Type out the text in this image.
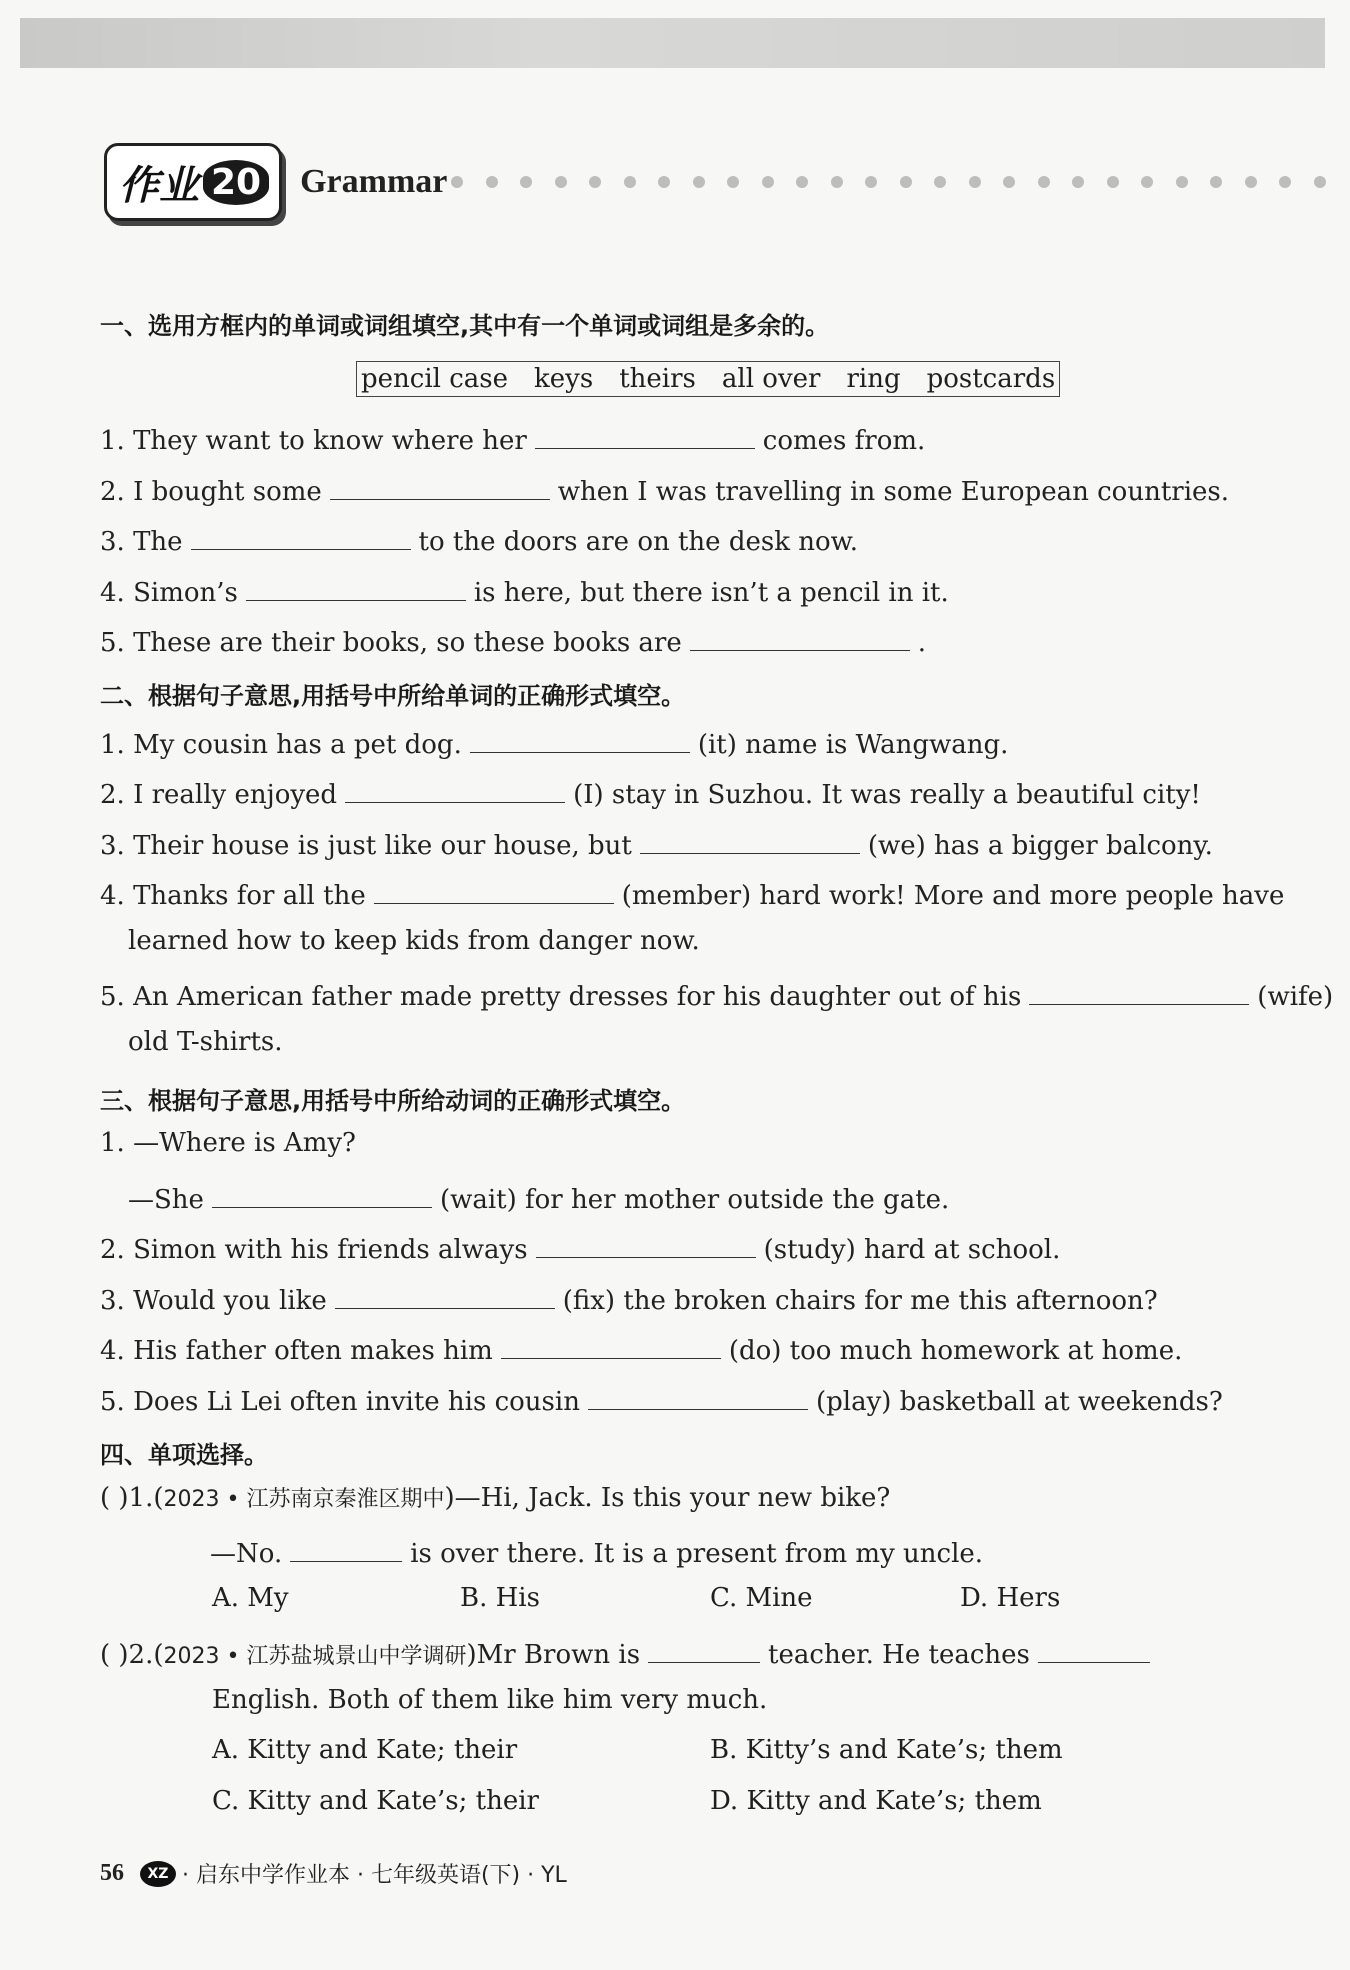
作业 20 Grammar
一、选用方框内的单词或词组填空,其中有一个单词或词组是多余的。
pencil case keys theirs all over ring postcards
1. They want to know where her	comes from.
2. I bought some	when I was travelling in some European countries.
3. The	to the doors are on the desk now.
4. Simon’s	is here, but there isn’t a pencil in it.
5. These are their books, so these books are	.
二、根据句子意思,用括号中所给单词的正确形式填空。
1. My cousin has a pet dog.	(it) name is Wangwang.
2. I really enjoyed	(I) stay in Suzhou. It was really a beautiful city!
3. Their house is just like our house, but	(we) has a bigger balcony.
4. Thanks for all the	(member) hard work! More and more people have
learned how to keep kids from danger now.
5. An American father made pretty dresses for his daughter out of his	(wife)
old T-shirts.
三、根据句子意思,用括号中所给动词的正确形式填空。
1. —Where is Amy?
—She	(wait) for her mother outside the gate.
2. Simon with his friends always	(study) hard at school.
3. Would you like	(fix) the broken chairs for me this afternoon?
4. His father often makes him	(do) too much homework at home.
5. Does Li Lei often invite his cousin	(play) basketball at weekends?
四、单项选择。
( )1.(2023 • 江苏南京秦淮区期中)—Hi, Jack. Is this your new bike?
—No.	is over there. It is a present from my uncle.
A. My	B. His	C. Mine	D. Hers
( )2.(2023 • 江苏盐城景山中学调研)Mr Brown is	teacher. He teaches
English. Both of them like him very much.
A. Kitty and Kate; their	B. Kitty’s and Kate’s; them
C. Kitty and Kate’s; their	D. Kitty and Kate’s; them
56	XZ · 启东中学作业本 · 七年级英语(下) · YL
